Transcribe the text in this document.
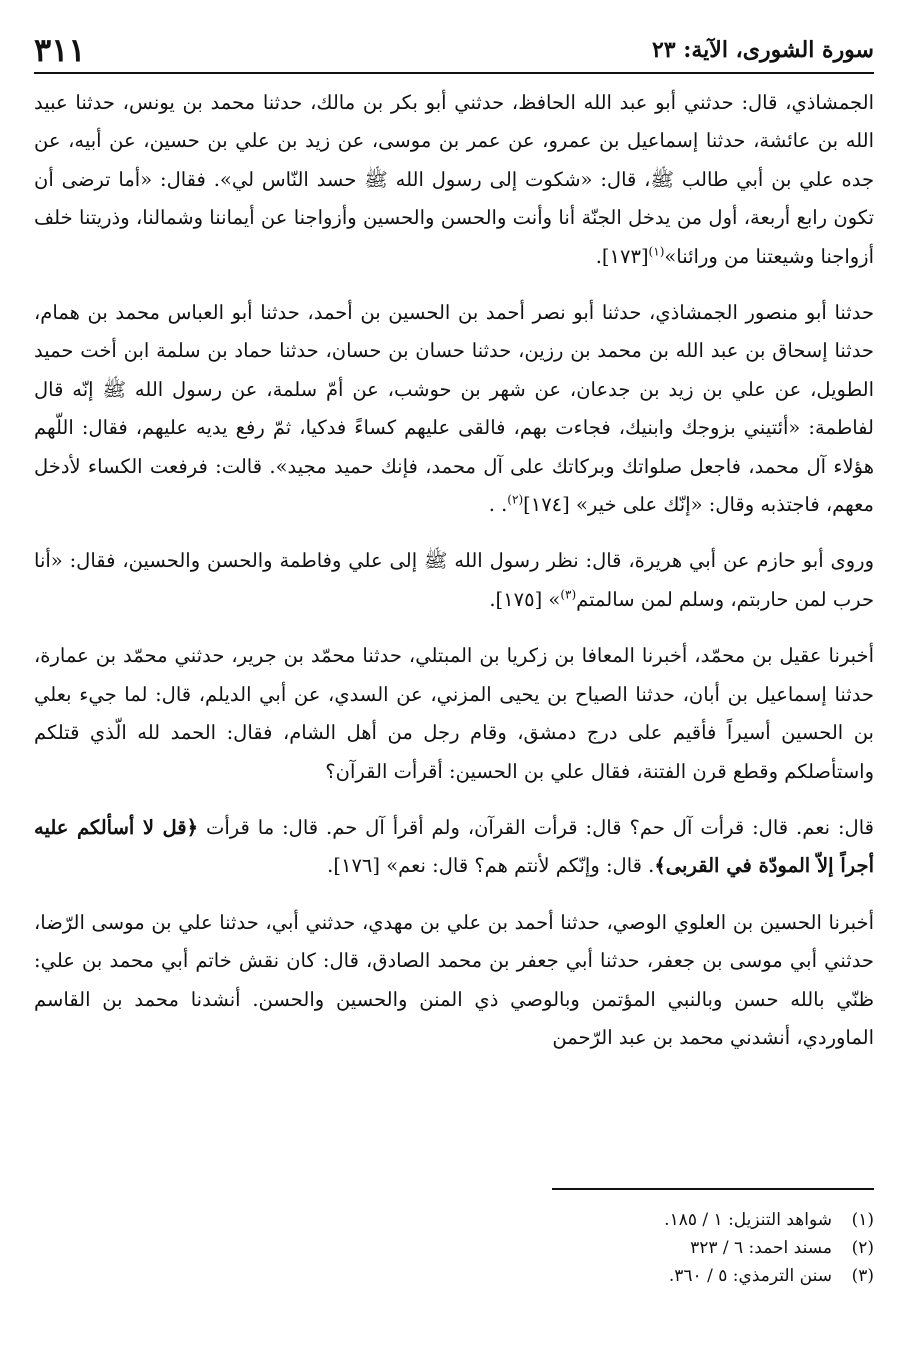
سورة الشورى، الآية: ٢٣
٣١١

الجمشاذي، قال: حدثني أبو عبد الله الحافظ، حدثني أبو بكر بن مالك، حدثنا محمد بن يونس، حدثنا عبيد الله بن عائشة، حدثنا إسماعيل بن عمرو، عن عمر بن موسى، عن زيد بن علي بن حسين، عن أبيه، عن جده علي بن أبي طالب ﷺ، قال: «شكوت إلى رسول الله ﷺ حسد النّاس لي». فقال: «أما ترضى أن تكون رابع أربعة، أول من يدخل الجنّة أنا وأنت والحسن والحسين وأزواجنا عن أيماننا وشمالنا، وذريتنا خلف أزواجنا وشيعتنا من ورائنا»$^{(١)}$[١٧٣].

حدثنا أبو منصور الجمشاذي، حدثنا أبو نصر أحمد بن الحسين بن أحمد، حدثنا أبو العباس محمد بن همام، حدثنا إسحاق بن عبد الله بن محمد بن رزين، حدثنا حسان بن حسان، حدثنا حماد بن سلمة ابن أخت حميد الطويل، عن علي بن زيد بن جدعان، عن شهر بن حوشب، عن أمّ سلمة، عن رسول الله ﷺ إنّه قال لفاطمة: «أئتيني بزوجك وابنيك، فجاءت بهم، فالقى عليهم كساءً فدكيا، ثمّ رفع يديه عليهم، فقال: اللّهم هؤلاء آل محمد، فاجعل صلواتك وبركاتك على آل محمد، فإنك حميد مجيد». قالت: فرفعت الكساء لأدخل معهم، فاجتذبه وقال: «إنّك على خير» [١٧٤]$^{(٢)}$. .

وروى أبو حازم عن أبي هريرة، قال: نظر رسول الله ﷺ إلى علي وفاطمة والحسن والحسين، فقال: «أنا حرب لمن حاربتم، وسلم لمن سالمتم$^{(٣)}$» [١٧٥].

أخبرنا عقيل بن محمّد، أخبرنا المعافا بن زكريا بن المبتلي، حدثنا محمّد بن جرير، حدثني محمّد بن عمارة، حدثنا إسماعيل بن أبان، حدثنا الصياح بن يحيى المزني، عن السدي، عن أبي الديلم، قال: لما جيء بعلي بن الحسين أسيراً فأقيم على درج دمشق، وقام رجل من أهل الشام، فقال: الحمد لله الّذي قتلكم واستأصلكم وقطع قرن الفتنة، فقال علي بن الحسين: أقرأت القرآن؟

قال: نعم. قال: قرأت آل حم؟ قال: قرأت القرآن، ولم أقرأ آل حم. قال: ما قرأت ﴿قل لا أسألكم عليه أجراً إلاّ المودّة في القربى﴾. قال: وإنّكم لأنتم هم؟ قال: نعم» [١٧٦].

أخبرنا الحسين بن العلوي الوصي، حدثنا أحمد بن علي بن مهدي، حدثني أبي، حدثنا علي بن موسى الرّضا، حدثني أبي موسى بن جعفر، حدثنا أبي جعفر بن محمد الصادق، قال: كان نقش خاتم أبي محمد بن علي: ظنّي بالله حسن وبالنبي المؤتمن وبالوصي ذي المنن والحسين والحسن. أنشدنا محمد بن القاسم الماوردي، أنشدني محمد بن عبد الرّحمن

(١)
شواهد التنزيل: ١ / ١٨٥.
(٢)
مسند احمد: ٦ / ٣٢٣
(٣)
سنن الترمذي: ٥ / ٣٦٠.
